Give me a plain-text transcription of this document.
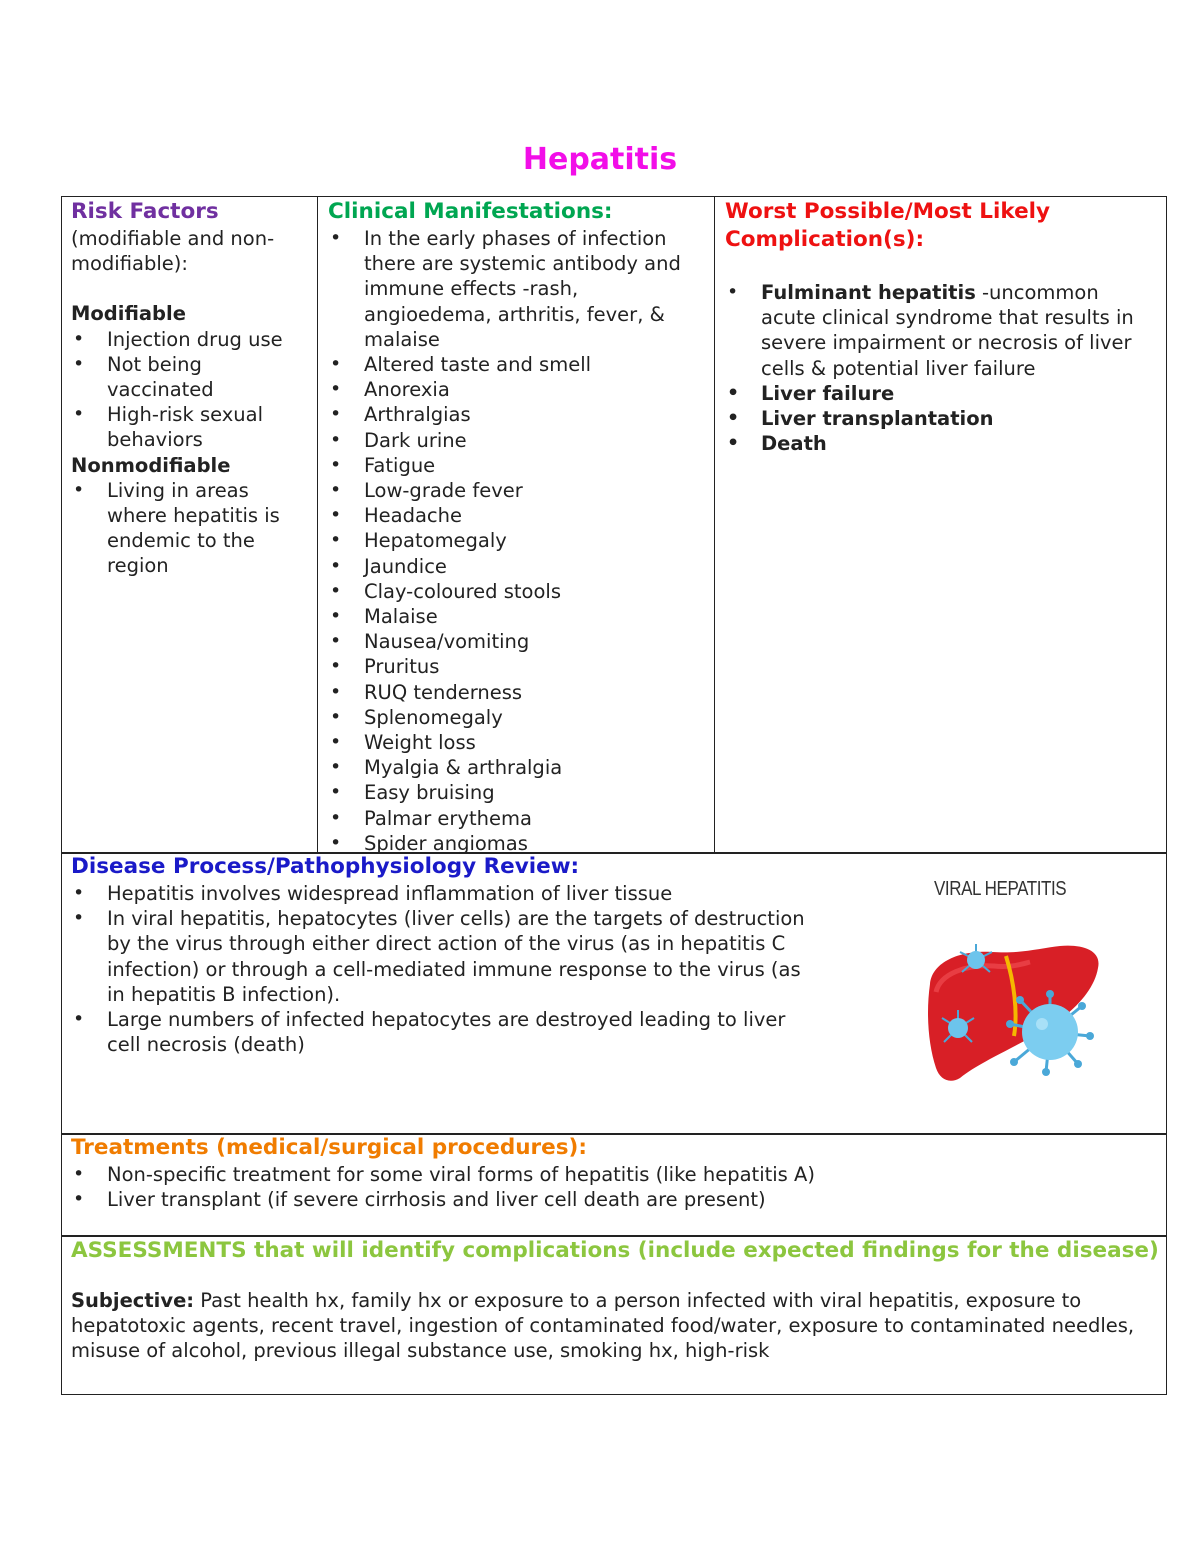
Hepatitis
Risk Factors
(modifiable and non-modifiable):
Modifiable
• Injection drug use
• Not being vaccinated
• High-risk sexual behaviors
Nonmodifiable
• Living in areas where hepatitis is endemic to the region
Clinical Manifestations:
• In the early phases of infection there are systemic antibody and immune effects -rash, angioedema, arthritis, fever, & malaise
• Altered taste and smell
• Anorexia
• Arthralgias
• Dark urine
• Fatigue
• Low-grade fever
• Headache
• Hepatomegaly
• Jaundice
• Clay-coloured stools
• Malaise
• Nausea/vomiting
• Pruritus
• RUQ tenderness
• Splenomegaly
• Weight loss
• Myalgia & arthralgia
• Easy bruising
• Palmar erythema
• Spider angiomas
Worst Possible/Most Likely Complication(s):
• Fulminant hepatitis -uncommon acute clinical syndrome that results in severe impairment or necrosis of liver cells & potential liver failure
• Liver failure
• Liver transplantation
• Death
Disease Process/Pathophysiology Review:
• Hepatitis involves widespread inflammation of liver tissue
• In viral hepatitis, hepatocytes (liver cells) are the targets of destruction by the virus through either direct action of the virus (as in hepatitis C infection) or through a cell-mediated immune response to the virus (as in hepatitis B infection).
• Large numbers of infected hepatocytes are destroyed leading to liver cell necrosis (death)
VIRAL HEPATITIS
Treatments (medical/surgical procedures):
• Non-specific treatment for some viral forms of hepatitis (like hepatitis A)
• Liver transplant (if severe cirrhosis and liver cell death are present)
ASSESSMENTS that will identify complications (include expected findings for the disease)
Subjective: Past health hx, family hx or exposure to a person infected with viral hepatitis, exposure to hepatotoxic agents, recent travel, ingestion of contaminated food/water, exposure to contaminated needles, misuse of alcohol, previous illegal substance use, smoking hx, high-risk
